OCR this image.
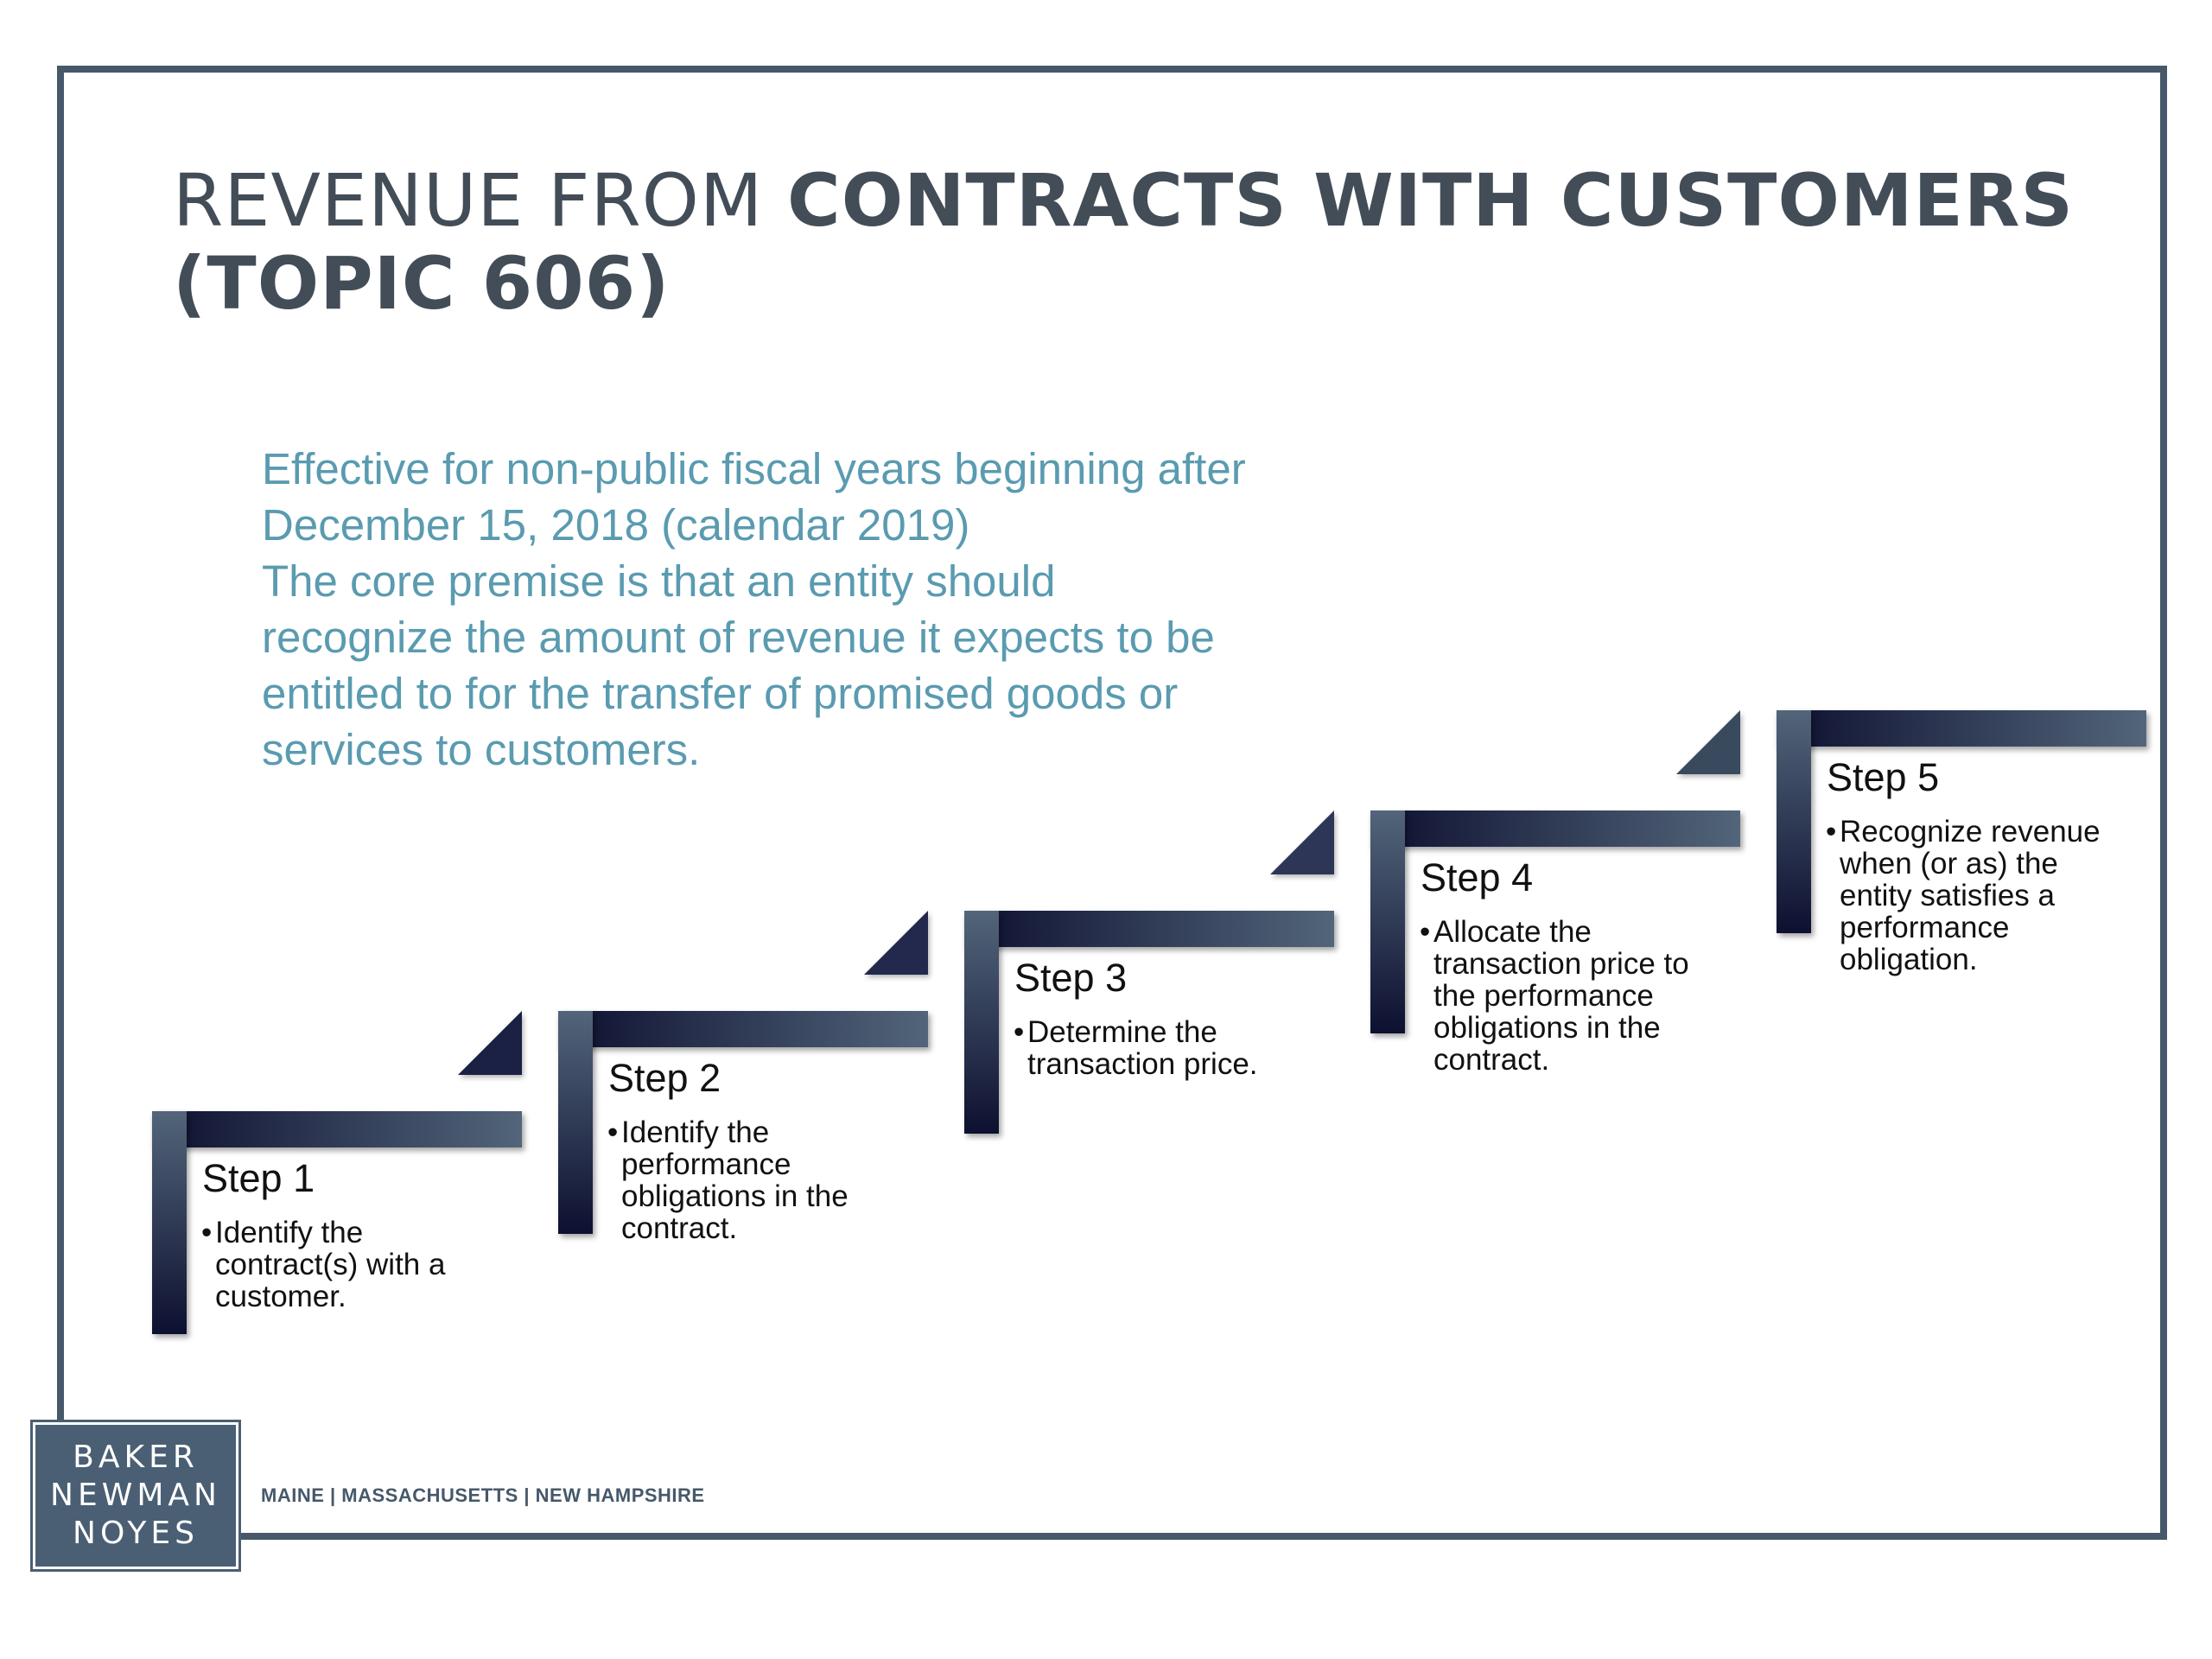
REVENUE FROM CONTRACTS WITH CUSTOMERS
(TOPIC 606)

Effective for non-public fiscal years beginning after December 15, 2018 (calendar 2019)

The core premise is that an entity should recognize the amount of revenue it expects to be entitled to for the transfer of promised goods or services to customers.

Step 1
• Identify the contract(s) with a customer.
Step 2
• Identify the performance obligations in the contract.
Step 3
• Determine the transaction price.
Step 4
• Allocate the transaction price to the performance obligations in the contract.
Step 5
• Recognize revenue when (or as) the entity satisfies a performance obligation.
BAKER
NEWMAN
NOYES
MAINE | MASSACHUSETTS | NEW HAMPSHIRE
